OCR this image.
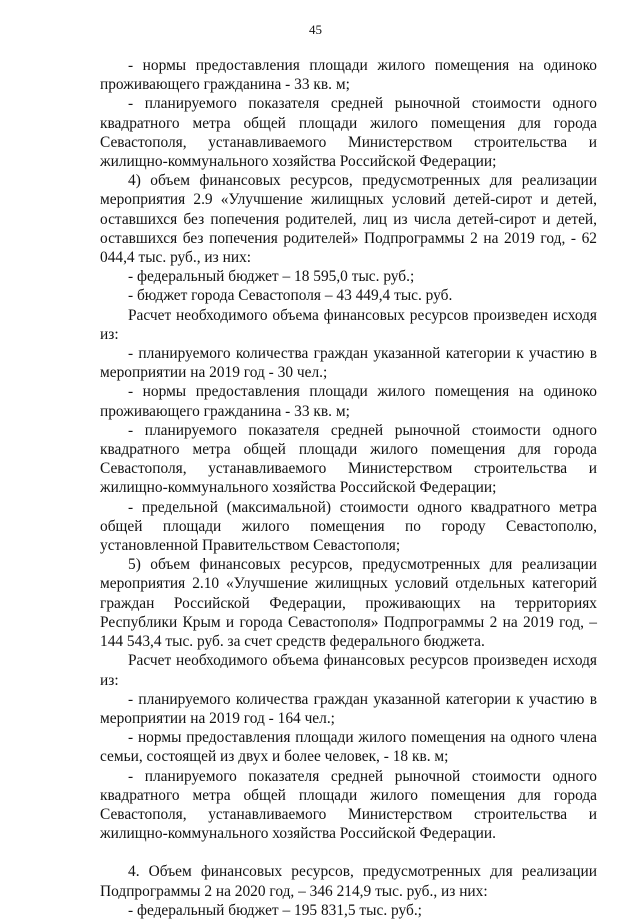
45

- нормы предоставления площади жилого помещения на одиноко проживающего гражданина - 33 кв. м;

- планируемого показателя средней рыночной стоимости одного квадратного метра общей площади жилого помещения для города Севастополя, устанавливаемого Министерством строительства и жилищно-коммунального хозяйства Российской Федерации;

4) объем финансовых ресурсов, предусмотренных для реализации мероприятия 2.9 «Улучшение жилищных условий детей-сирот и детей, оставшихся без попечения родителей, лиц из числа детей-сирот и детей, оставшихся без попечения родителей» Подпрограммы 2 на 2019 год, - 62 044,4 тыс. руб., из них:

- федеральный бюджет – 18 595,0 тыс. руб.;

- бюджет города Севастополя – 43 449,4 тыс. руб.

Расчет необходимого объема финансовых ресурсов произведен исходя из:

- планируемого количества граждан указанной категории к участию в мероприятии на 2019 год - 30 чел.;

- нормы предоставления площади жилого помещения на одиноко проживающего гражданина - 33 кв. м;

- планируемого показателя средней рыночной стоимости одного квадратного метра общей площади жилого помещения для города Севастополя, устанавливаемого Министерством строительства и жилищно-коммунального хозяйства Российской Федерации;

- предельной (максимальной) стоимости одного квадратного метра общей площади жилого помещения по городу Севастополю, установленной Правительством Севастополя;

5) объем финансовых ресурсов, предусмотренных для реализации мероприятия 2.10 «Улучшение жилищных условий отдельных категорий граждан Российской Федерации, проживающих на территориях Республики Крым и города Севастополя» Подпрограммы 2 на 2019 год, – 144 543,4 тыс. руб. за счет средств федерального бюджета.

Расчет необходимого объема финансовых ресурсов произведен исходя из:

- планируемого количества граждан указанной категории к участию в мероприятии на 2019 год - 164 чел.;

- нормы предоставления площади жилого помещения на одного члена семьи, состоящей из двух и более человек, - 18 кв. м;

- планируемого показателя средней рыночной стоимости одного квадратного метра общей площади жилого помещения для города Севастополя, устанавливаемого Министерством строительства и жилищно-коммунального хозяйства Российской Федерации.

4. Объем финансовых ресурсов, предусмотренных для реализации Подпрограммы 2 на 2020 год, – 346 214,9 тыс. руб., из них:

- федеральный бюджет – 195 831,5 тыс. руб.;
